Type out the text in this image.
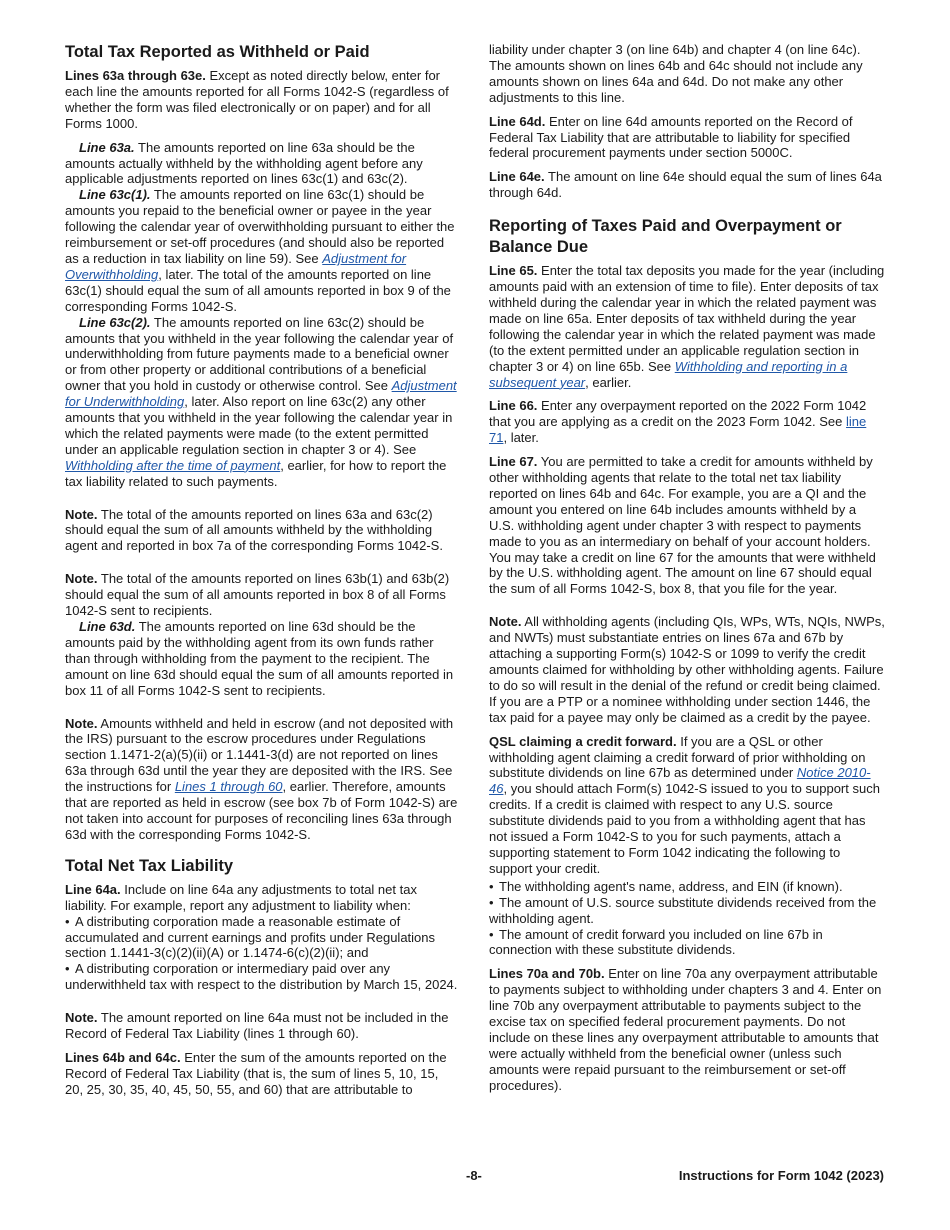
Total Tax Reported as Withheld or Paid

Lines 63a through 63e. Except as noted directly below, enter for each line the amounts reported for all Forms 1042-S (regardless of whether the form was filed electronically or on paper) and for all Forms 1000.

Line 63a. The amounts reported on line 63a should be the amounts actually withheld by the withholding agent before any applicable adjustments reported on lines 63c(1) and 63c(2).

Line 63c(1). The amounts reported on line 63c(1) should be amounts you repaid to the beneficial owner or payee in the year following the calendar year of overwithholding pursuant to either the reimbursement or set-off procedures (and should also be reported as a reduction in tax liability on line 59). See Adjustment for Overwithholding, later. The total of the amounts reported on line 63c(1) should equal the sum of all amounts reported in box 9 of the corresponding Forms 1042-S.

Line 63c(2). The amounts reported on line 63c(2) should be amounts that you withheld in the year following the calendar year of underwithholding from future payments made to a beneficial owner or from other property or additional contributions of a beneficial owner that you hold in custody or otherwise control. See Adjustment for Underwithholding, later. Also report on line 63c(2) any other amounts that you withheld in the year following the calendar year in which the related payments were made (to the extent permitted under an applicable regulation section in chapter 3 or 4). See Withholding after the time of payment, earlier, for how to report the tax liability related to such payments.

Note. The total of the amounts reported on lines 63a and 63c(2) should equal the sum of all amounts withheld by the withholding agent and reported in box 7a of the corresponding Forms 1042-S.

Note. The total of the amounts reported on lines 63b(1) and 63b(2) should equal the sum of all amounts reported in box 8 of all Forms 1042-S sent to recipients.

Line 63d. The amounts reported on line 63d should be the amounts paid by the withholding agent from its own funds rather than through withholding from the payment to the recipient. The amount on line 63d should equal the sum of all amounts reported in box 11 of all Forms 1042-S sent to recipients.

Note. Amounts withheld and held in escrow (and not deposited with the IRS) pursuant to the escrow procedures under Regulations section 1.1471-2(a)(5)(ii) or 1.1441-3(d) are not reported on lines 63a through 63d until the year they are deposited with the IRS. See the instructions for Lines 1 through 60, earlier. Therefore, amounts that are reported as held in escrow (see box 7b of Form 1042-S) are not taken into account for purposes of reconciling lines 63a through 63d with the corresponding Forms 1042-S.

Total Net Tax Liability

Line 64a. Include on line 64a any adjustments to total net tax liability. For example, report any adjustment to liability when:

• A distributing corporation made a reasonable estimate of accumulated and current earnings and profits under Regulations section 1.1441-3(c)(2)(ii)(A) or 1.1474-6(c)(2)(ii); and

• A distributing corporation or intermediary paid over any underwithheld tax with respect to the distribution by March 15, 2024.

Note. The amount reported on line 64a must not be included in the Record of Federal Tax Liability (lines 1 through 60).

Lines 64b and 64c. Enter the sum of the amounts reported on the Record of Federal Tax Liability (that is, the sum of lines 5, 10, 15, 20, 25, 30, 35, 40, 45, 50, 55, and 60) that are attributable to

liability under chapter 3 (on line 64b) and chapter 4 (on line 64c). The amounts shown on lines 64b and 64c should not include any amounts shown on lines 64a and 64d. Do not make any other adjustments to this line.

Line 64d. Enter on line 64d amounts reported on the Record of Federal Tax Liability that are attributable to liability for specified federal procurement payments under section 5000C.

Line 64e. The amount on line 64e should equal the sum of lines 64a through 64d.

Reporting of Taxes Paid and Overpayment or Balance Due

Line 65. Enter the total tax deposits you made for the year (including amounts paid with an extension of time to file). Enter deposits of tax withheld during the calendar year in which the related payment was made on line 65a. Enter deposits of tax withheld during the year following the calendar year in which the related payment was made (to the extent permitted under an applicable regulation section in chapter 3 or 4) on line 65b. See Withholding and reporting in a subsequent year, earlier.

Line 66. Enter any overpayment reported on the 2022 Form 1042 that you are applying as a credit on the 2023 Form 1042. See line 71, later.

Line 67. You are permitted to take a credit for amounts withheld by other withholding agents that relate to the total net tax liability reported on lines 64b and 64c. For example, you are a QI and the amount you entered on line 64b includes amounts withheld by a U.S. withholding agent under chapter 3 with respect to payments made to you as an intermediary on behalf of your account holders. You may take a credit on line 67 for the amounts that were withheld by the U.S. withholding agent. The amount on line 67 should equal the sum of all Forms 1042-S, box 8, that you file for the year.

Note. All withholding agents (including QIs, WPs, WTs, NQIs, NWPs, and NWTs) must substantiate entries on lines 67a and 67b by attaching a supporting Form(s) 1042-S or 1099 to verify the credit amounts claimed for withholding by other withholding agents. Failure to do so will result in the denial of the refund or credit being claimed. If you are a PTP or a nominee withholding under section 1446, the tax paid for a payee may only be claimed as a credit by the payee.

QSL claiming a credit forward. If you are a QSL or other withholding agent claiming a credit forward of prior withholding on substitute dividends on line 67b as determined under Notice 2010-46, you should attach Form(s) 1042-S issued to you to support such credits. If a credit is claimed with respect to any U.S. source substitute dividends paid to you from a withholding agent that has not issued a Form 1042-S to you for such payments, attach a supporting statement to Form 1042 indicating the following to support your credit.

• The withholding agent's name, address, and EIN (if known).

• The amount of U.S. source substitute dividends received from the withholding agent.

• The amount of credit forward you included on line 67b in connection with these substitute dividends.

Lines 70a and 70b. Enter on line 70a any overpayment attributable to payments subject to withholding under chapters 3 and 4. Enter on line 70b any overpayment attributable to payments subject to the excise tax on specified federal procurement payments. Do not include on these lines any overpayment attributable to amounts that were actually withheld from the beneficial owner (unless such amounts were repaid pursuant to the reimbursement or set-off procedures).

-8-	Instructions for Form 1042 (2023)
